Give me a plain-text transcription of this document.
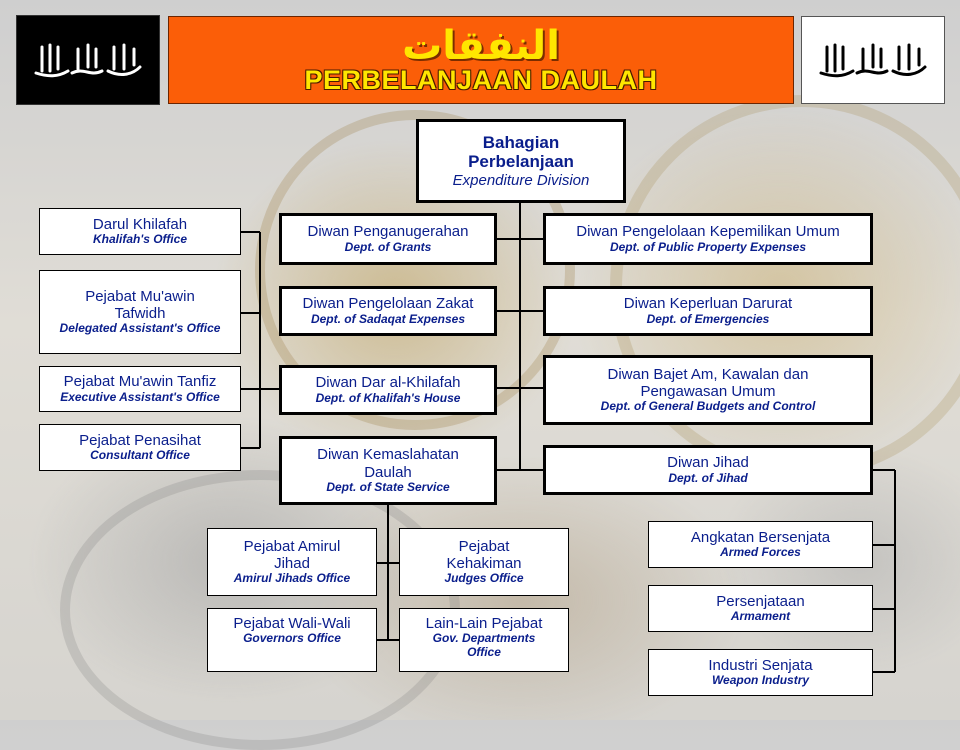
النفقات
PERBELANJAAN DAULAH
Bahagian Perbelanjaan
Expenditure Division
Diwan Penganugerahan
Dept. of Grants
Diwan Pengelolaan Zakat
Dept. of Sadaqat Expenses
Diwan Dar al-Khilafah
Dept. of Khalifah's House
Diwan Kemaslahatan Daulah
Dept. of State Service
Diwan Pengelolaan Kepemilikan Umum
Dept. of Public Property Expenses
Diwan Keperluan Darurat
Dept. of Emergencies
Diwan Bajet Am, Kawalan dan Pengawasan Umum
Dept. of General Budgets and Control
Diwan Jihad
Dept. of Jihad
Darul Khilafah
Khalifah's Office
Pejabat Mu'awin Tafwidh
Delegated Assistant's Office
Pejabat Mu'awin Tanfiz
Executive Assistant's Office
Pejabat Penasihat
Consultant Office
Pejabat Amirul Jihad
Amirul Jihads Office
Pejabat Kehakiman
Judges Office
Pejabat Wali-Wali
Governors Office
Lain-Lain Pejabat
Gov. Departments Office
Angkatan Bersenjata
Armed Forces
Persenjataan
Armament
Industri Senjata
Weapon Industry
